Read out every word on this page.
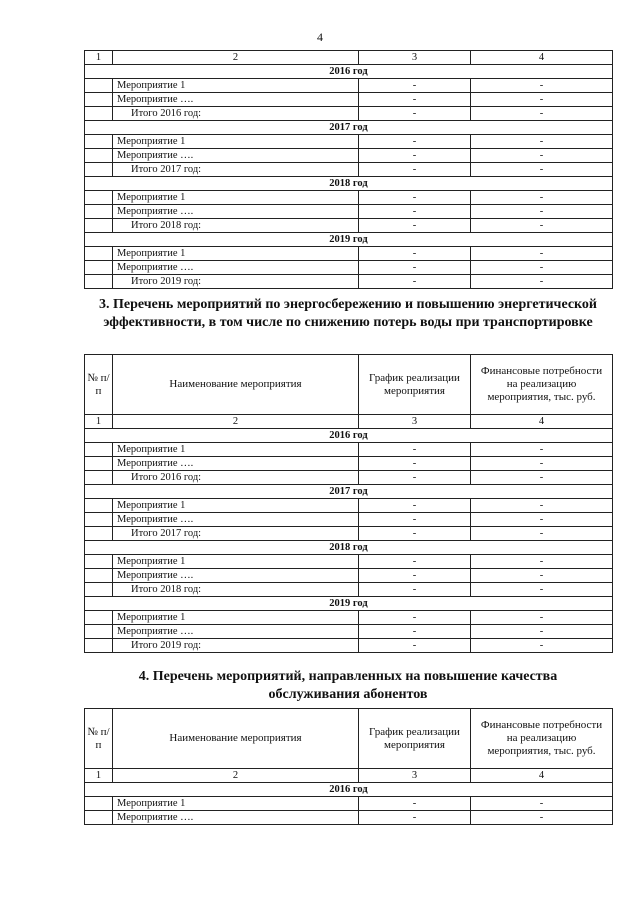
4
1	2	3	4
2016 год			
	Мероприятие 1	-	-
	Мероприятие ….	-	-
	Итого 2016 год:	-	-
2017 год			
	Мероприятие 1	-	-
	Мероприятие ….	-	-
	Итого 2017 год:	-	-
2018 год			
	Мероприятие 1	-	-
	Мероприятие ….	-	-
	Итого 2018 год:	-	-
2019 год			
	Мероприятие 1	-	-
	Мероприятие ….	-	-
	Итого 2019 год:	-	-
3. Перечень мероприятий по энергосбережению и повышению энергетической эффективности, в том числе по снижению потерь воды при транспортировке
№ п/п	Наименование мероприятия	График реализации мероприятия	Финансовые потребности на реализацию мероприятия, тыс. руб.
1	2	3	4
2016 год			
	Мероприятие 1	-	-
	Мероприятие ….	-	-
	Итого 2016 год:	-	-
2017 год			
	Мероприятие 1	-	-
	Мероприятие ….	-	-
	Итого 2017 год:	-	-
2018 год			
	Мероприятие 1	-	-
	Мероприятие ….	-	-
	Итого 2018 год:	-	-
2019 год			
	Мероприятие 1	-	-
	Мероприятие ….	-	-
	Итого 2019 год:	-	-
4. Перечень мероприятий, направленных на повышение качества обслуживания абонентов
№ п/п	Наименование мероприятия	График реализации мероприятия	Финансовые потребности на реализацию мероприятия, тыс. руб.
1	2	3	4
2016 год			
	Мероприятие 1	-	-
	Мероприятие ….	-	-
